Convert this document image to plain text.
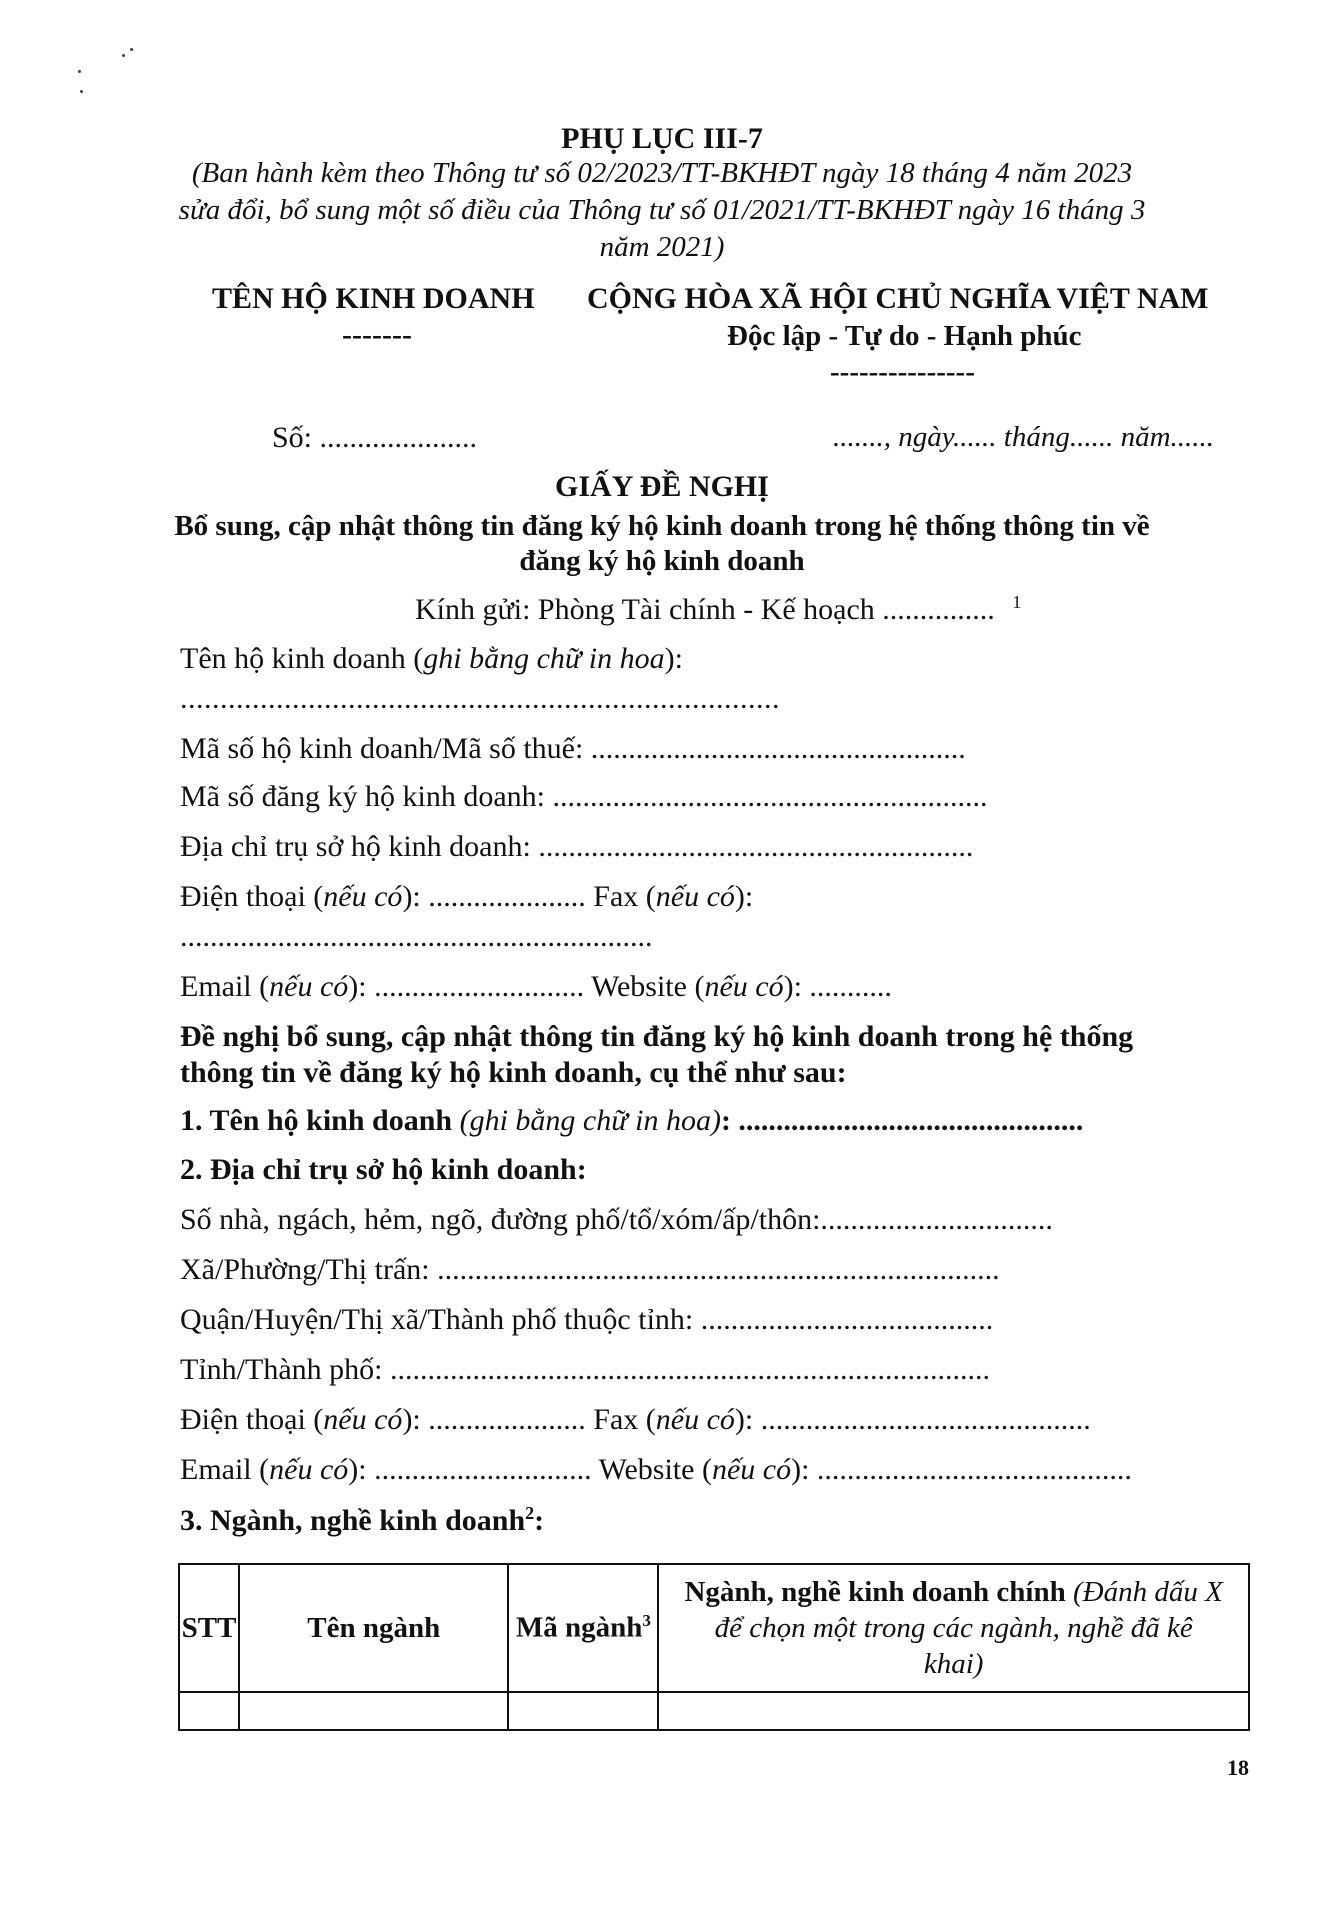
PHỤ LỤC III-7
(Ban hành kèm theo Thông tư số 02/2023/TT-BKHĐT ngày 18 tháng 4 năm 2023
sửa đổi, bổ sung một số điều của Thông tư số 01/2021/TT-BKHĐT ngày 16 tháng 3
năm 2021)
TÊN HỘ KINH DOANH
-------
CỘNG HÒA XÃ HỘI CHỦ NGHĨA VIỆT NAM
Độc lập - Tự do - Hạnh phúc
---------------
Số: .....................	......., ngày...... tháng...... năm......
GIẤY ĐỀ NGHỊ
Bổ sung, cập nhật thông tin đăng ký hộ kinh doanh trong hệ thống thông tin về
đăng ký hộ kinh doanh
Kính gửi: Phòng Tài chính - Kế hoạch ............... $^1$
Tên hộ kinh doanh (ghi bằng chữ in hoa):
...........................................................................
Mã số hộ kinh doanh/Mã số thuế: ..................................................
Mã số đăng ký hộ kinh doanh: ..........................................................
Địa chỉ trụ sở hộ kinh doanh: ..........................................................
Điện thoại (nếu có): ..................... Fax (nếu có):
...............................................................
Email (nếu có): ............................ Website (nếu có): ...........
Đề nghị bổ sung, cập nhật thông tin đăng ký hộ kinh doanh trong hệ thống
thông tin về đăng ký hộ kinh doanh, cụ thể như sau:
1. Tên hộ kinh doanh (ghi bằng chữ in hoa): ..............................................
2. Địa chỉ trụ sở hộ kinh doanh:
Số nhà, ngách, hẻm, ngõ, đường phố/tổ/xóm/ấp/thôn:...............................
Xã/Phường/Thị trấn: ...........................................................................
Quận/Huyện/Thị xã/Thành phố thuộc tỉnh: .......................................
Tỉnh/Thành phố: ................................................................................
Điện thoại (nếu có): ..................... Fax (nếu có): ............................................
Email (nếu có): ............................. Website (nếu có): ..........................................
3. Ngành, nghề kinh doanh$^2$:
STT	Tên ngành	Mã ngành$^3$	Ngành, nghề kinh doanh chính (Đánh dấu X
để chọn một trong các ngành, nghề đã kê
khai)

18
